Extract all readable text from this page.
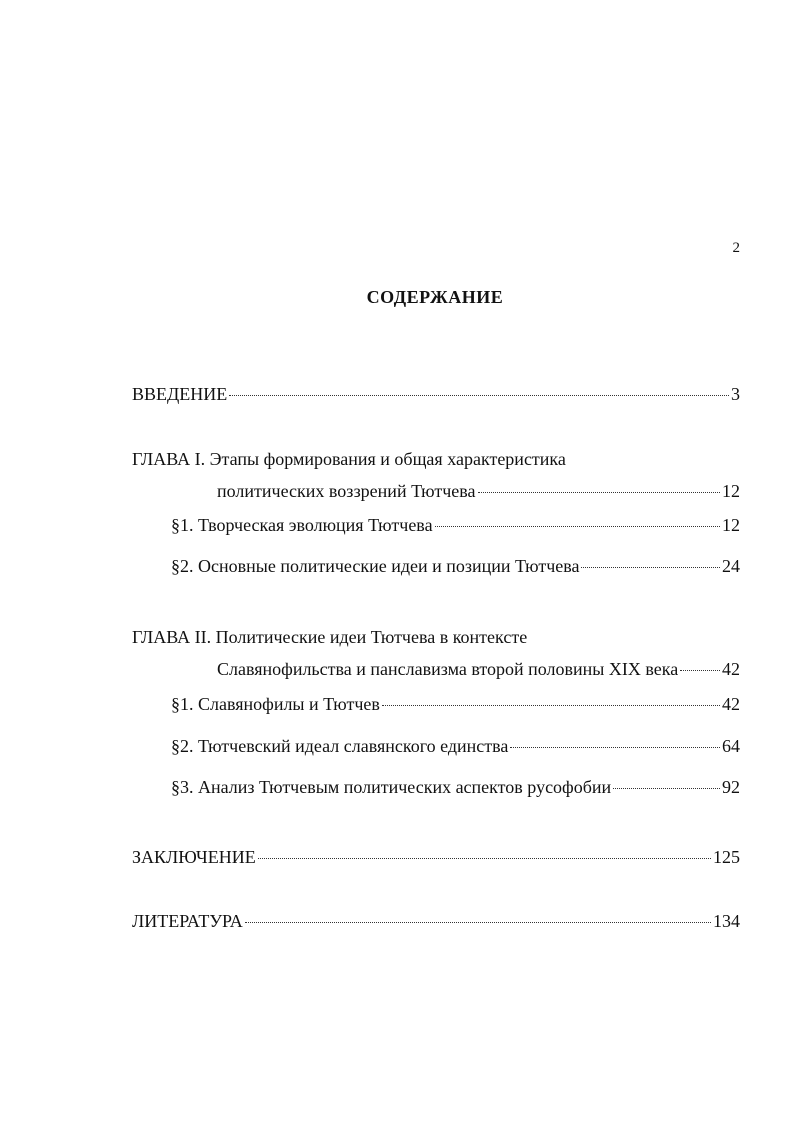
2
СОДЕРЖАНИЕ
ВВЕДЕНИЕ	3
ГЛАВА I. Этапы формирования и общая характеристика
политических воззрений Тютчева	12
§1. Творческая эволюция Тютчева	12
§2. Основные политические идеи и позиции Тютчева	24
ГЛАВА II. Политические идеи Тютчева в контексте
Славянофильства и панславизма второй половины XIX века 42
§1. Славянофилы и Тютчев	42
§2. Тютчевский идеал славянского единства	64
§3. Анализ Тютчевым политических аспектов русофобии	92
ЗАКЛЮЧЕНИЕ	125
ЛИТЕРАТУРА	134
